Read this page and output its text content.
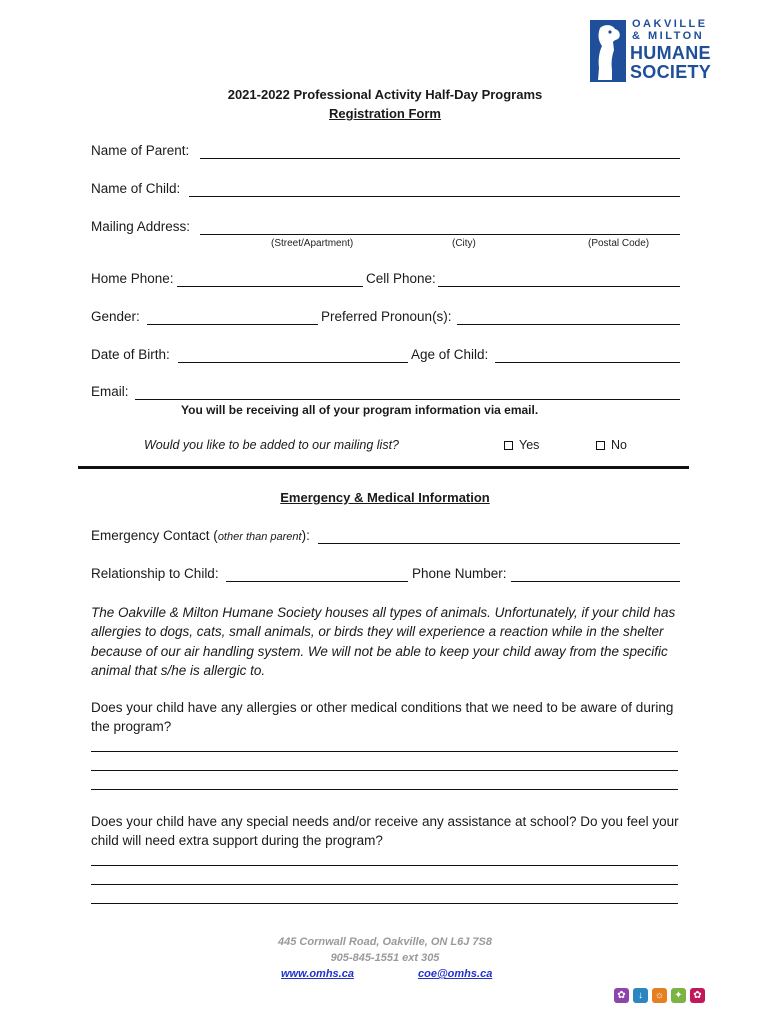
OAKVILLE
& MILTON
HUMANE
SOCIETY
2021-2022 Professional Activity Half-Day Programs
Registration Form
Name of Parent:
Name of Child:
Mailing Address:
(Street/Apartment)	(City)	(Postal Code)
Home Phone:	Cell Phone:
Gender:	Preferred Pronoun(s):
Date of Birth:	Age of Child:
Email:
You will be receiving all of your program information via email.
Would you like to be added to our mailing list?	Yes	No
Emergency & Medical Information
Emergency Contact (other than parent):
Relationship to Child:	Phone Number:
The Oakville & Milton Humane Society houses all types of animals. Unfortunately, if your child has allergies to dogs, cats, small animals, or birds they will experience a reaction while in the shelter because of our air handling system. We will not be able to keep your child away from the specific animal that s/he is allergic to.
Does your child have any allergies or other medical conditions that we need to be aware of during the program?
Does your child have any special needs and/or receive any assistance at school? Do you feel your child will need extra support during the program?
445 Cornwall Road, Oakville, ON L6J 7S8
905-845-1551 ext 305
www.omhs.ca	coe@omhs.ca
✿	↓	☼	✦	✿
